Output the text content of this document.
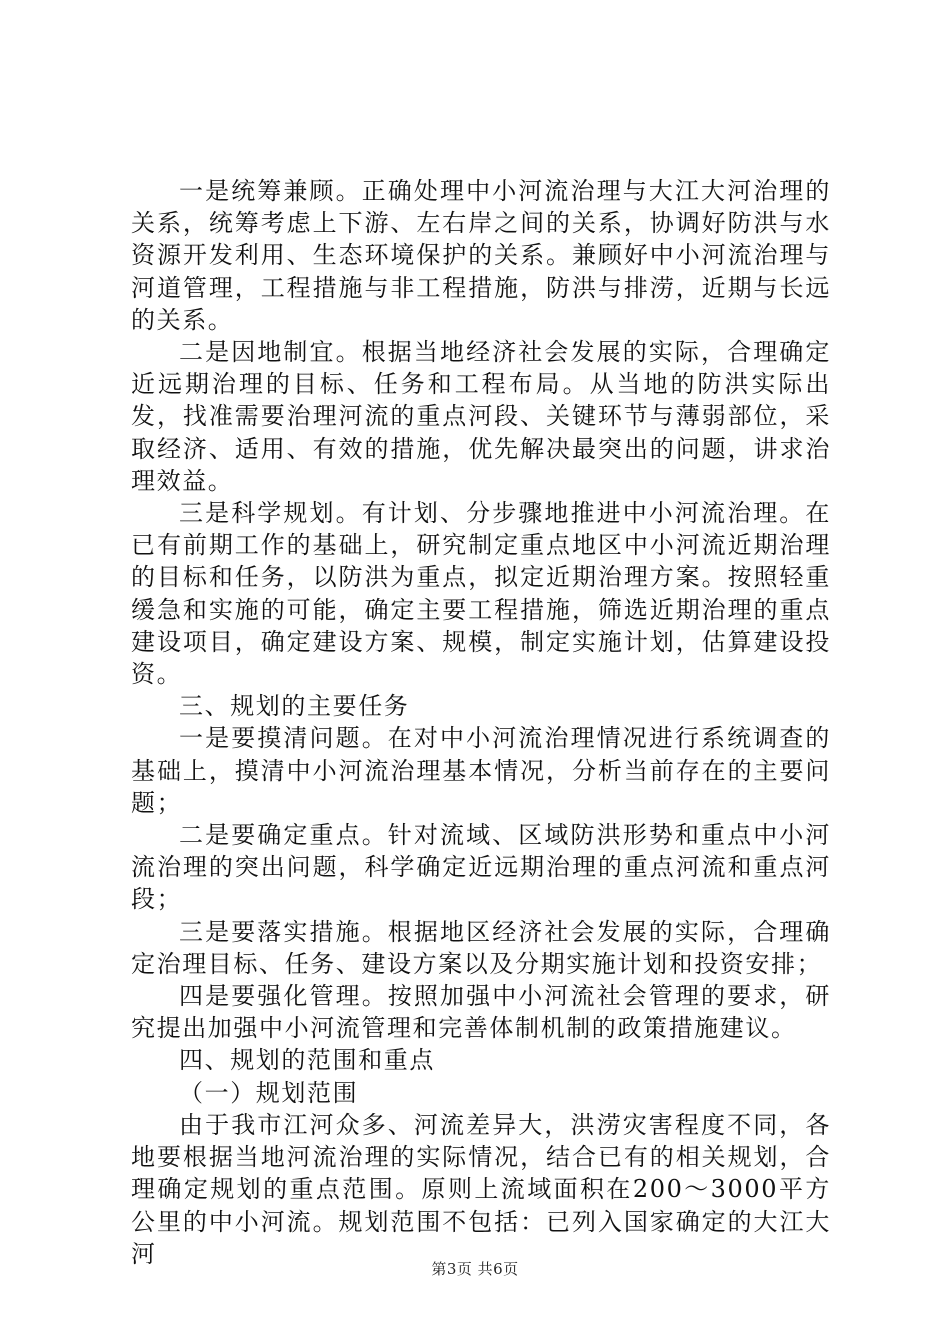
一是统筹兼顾。正确处理中小河流治理与大江大河治理的关系，统筹考虑上下游、左右岸之间的关系，协调好防洪与水资源开发利用、生态环境保护的关系。兼顾好中小河流治理与河道管理，工程措施与非工程措施，防洪与排涝，近期与长远的关系。

二是因地制宜。根据当地经济社会发展的实际，合理确定近远期治理的目标、任务和工程布局。从当地的防洪实际出发，找准需要治理河流的重点河段、关键环节与薄弱部位，采取经济、适用、有效的措施，优先解决最突出的问题，讲求治理效益。

三是科学规划。有计划、分步骤地推进中小河流治理。在已有前期工作的基础上，研究制定重点地区中小河流近期治理的目标和任务，以防洪为重点，拟定近期治理方案。按照轻重缓急和实施的可能，确定主要工程措施，筛选近期治理的重点建设项目，确定建设方案、规模，制定实施计划，估算建设投资。

三、规划的主要任务

一是要摸清问题。在对中小河流治理情况进行系统调查的基础上，摸清中小河流治理基本情况，分析当前存在的主要问题；

二是要确定重点。针对流域、区域防洪形势和重点中小河流治理的突出问题，科学确定近远期治理的重点河流和重点河段；

三是要落实措施。根据地区经济社会发展的实际，合理确定治理目标、任务、建设方案以及分期实施计划和投资安排；

四是要强化管理。按照加强中小河流社会管理的要求，研究提出加强中小河流管理和完善体制机制的政策措施建议。

四、规划的范围和重点

（一）规划范围

由于我市江河众多、河流差异大，洪涝灾害程度不同，各地要根据当地河流治理的实际情况，结合已有的相关规划，合理确定规划的重点范围。原则上流域面积在200～3000平方公里的中小河流。规划范围不包括：已列入国家确定的大江大河

第3页 共6页
